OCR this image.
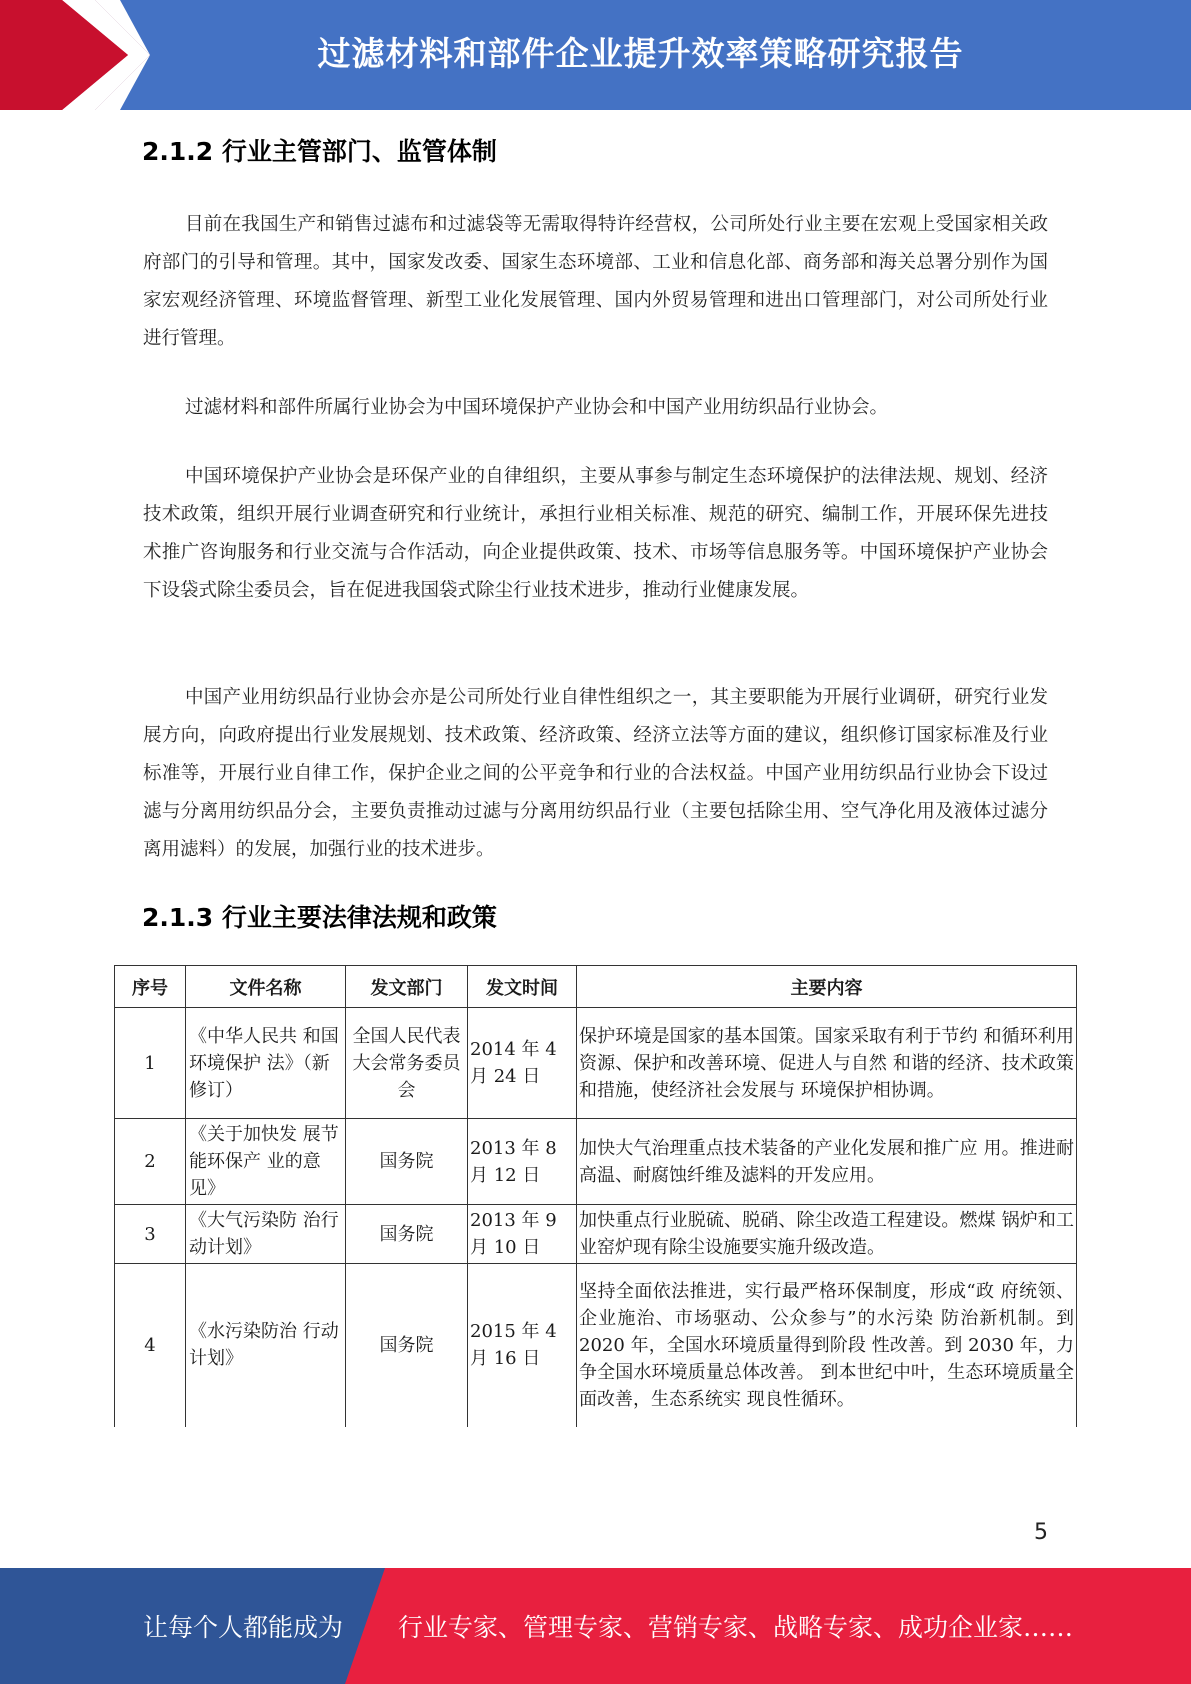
过滤材料和部件企业提升效率策略研究报告
2.1.2 行业主管部门、监管体制

目前在我国生产和销售过滤布和过滤袋等无需取得特许经营权，公司所处行业主要在宏观上受国家相关政府部门的引导和管理。其中，国家发改委、国家生态环境部、工业和信息化部、商务部和海关总署分别作为国家宏观经济管理、环境监督管理、新型工业化发展管理、国内外贸易管理和进出口管理部门，对公司所处行业进行管理。

过滤材料和部件所属行业协会为中国环境保护产业协会和中国产业用纺织品行业协会。

中国环境保护产业协会是环保产业的自律组织，主要从事参与制定生态环境保护的法律法规、规划、经济技术政策，组织开展行业调查研究和行业统计，承担行业相关标准、规范的研究、编制工作，开展环保先进技术推广咨询服务和行业交流与合作活动，向企业提供政策、技术、市场等信息服务等。中国环境保护产业协会下设袋式除尘委员会，旨在促进我国袋式除尘行业技术进步，推动行业健康发展。

中国产业用纺织品行业协会亦是公司所处行业自律性组织之一，其主要职能为开展行业调研，研究行业发展方向，向政府提出行业发展规划、技术政策、经济政策、经济立法等方面的建议，组织修订国家标准及行业标准等，开展行业自律工作，保护企业之间的公平竞争和行业的合法权益。中国产业用纺织品行业协会下设过滤与分离用纺织品分会，主要负责推动过滤与分离用纺织品行业（主要包括除尘用、空气净化用及液体过滤分离用滤料）的发展，加强行业的技术进步。

2.1.3 行业主要法律法规和政策
序号	文件名称	发文部门	发文时间	主要内容
1	《中华人民共 和国环境保护 法》（新修订）	全国人民代表大会常务委员会	2014 年 4 月 24 日	保护环境是国家的基本国策。国家采取有利于节约 和循环利用资源、保护和改善环境、促进人与自然 和谐的经济、技术政策和措施，使经济社会发展与 环境保护相协调。
2	《关于加快发 展节能环保产 业的意见》	国务院	2013 年 8 月 12 日	加快大气治理重点技术装备的产业化发展和推广应 用。推进耐高温、耐腐蚀纤维及滤料的开发应用。
3	《大气污染防 治行动计划》	国务院	2013 年 9 月 10 日	加快重点行业脱硫、脱硝、除尘改造工程建设。燃煤 锅炉和工业窑炉现有除尘设施要实施升级改造。
4	《水污染防治 行动计划》	国务院	2015 年 4 月 16 日	坚持全面依法推进，实行最严格环保制度，形成“政 府统领、企业施治、市场驱动、公众参与”的水污染 防治新机制。到 2020 年，全国水环境质量得到阶段 性改善。到 2030 年，力争全国水环境质量总体改善。 到本世纪中叶，生态环境质量全面改善，生态系统实 现良性循环。
5
让每个人都能成为 行业专家、管理专家、营销专家、战略专家、成功企业家……
